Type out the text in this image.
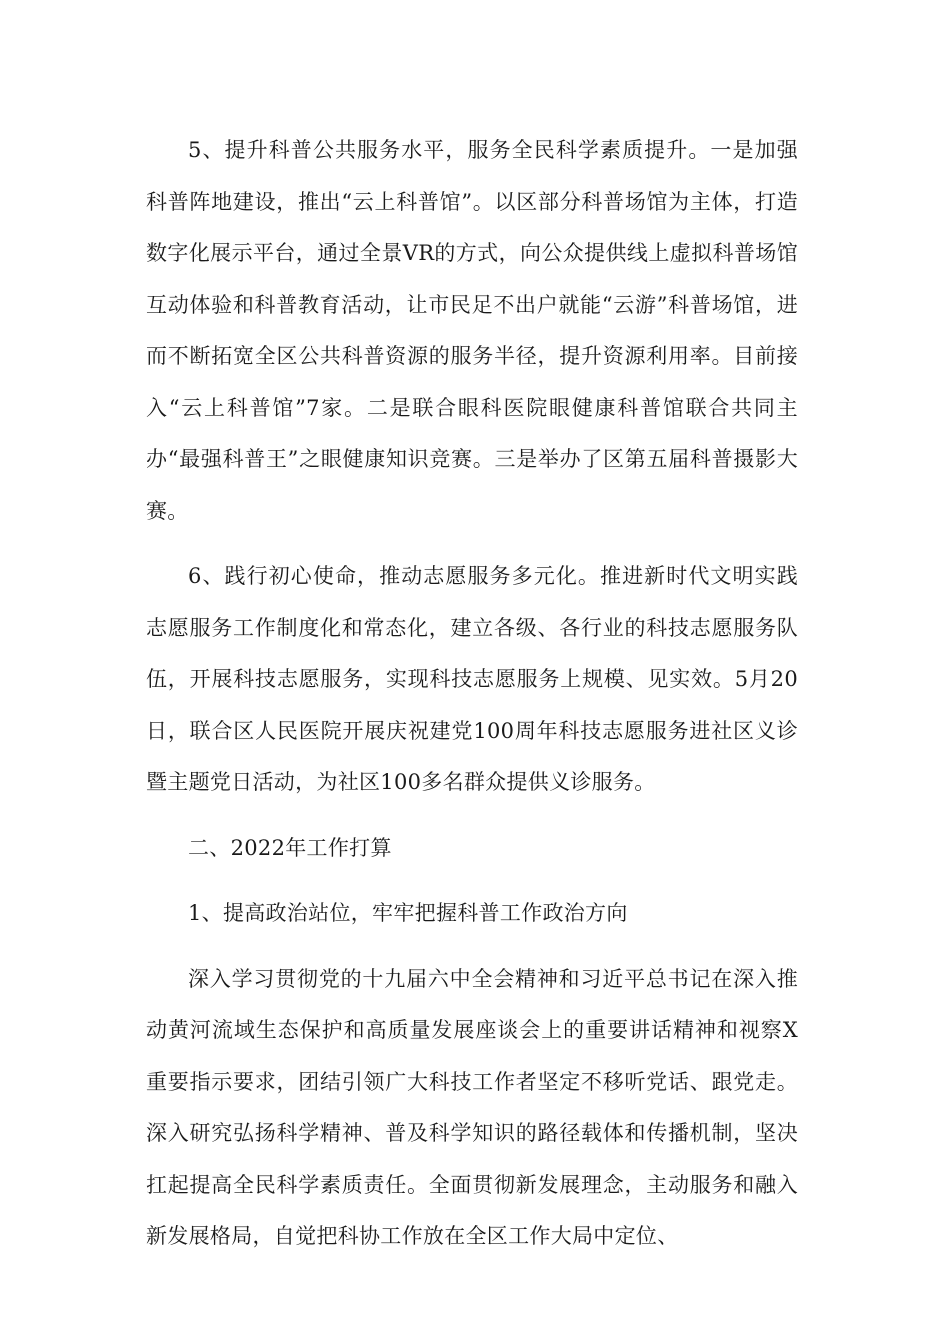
5、提升科普公共服务水平，服务全民科学素质提升。一是加强科普阵地建设，推出“云上科普馆”。以区部分科普场馆为主体，打造数字化展示平台，通过全景VR的方式，向公众提供线上虚拟科普场馆互动体验和科普教育活动，让市民足不出户就能“云游”科普场馆，进而不断拓宽全区公共科普资源的服务半径，提升资源利用率。目前接入“云上科普馆”7家。二是联合眼科医院眼健康科普馆联合共同主办“最强科普王”之眼健康知识竞赛。三是举办了区第五届科普摄影大赛。

6、践行初心使命，推动志愿服务多元化。推进新时代文明实践志愿服务工作制度化和常态化，建立各级、各行业的科技志愿服务队伍，开展科技志愿服务，实现科技志愿服务上规模、见实效。5月20日，联合区人民医院开展庆祝建党100周年科技志愿服务进社区义诊暨主题党日活动，为社区100多名群众提供义诊服务。

二、2022年工作打算

1、提高政治站位，牢牢把握科普工作政治方向

深入学习贯彻党的十九届六中全会精神和习近平总书记在深入推动黄河流域生态保护和高质量发展座谈会上的重要讲话精神和视察X重要指示要求，团结引领广大科技工作者坚定不移听党话、跟党走。深入研究弘扬科学精神、普及科学知识的路径载体和传播机制，坚决扛起提高全民科学素质责任。全面贯彻新发展理念，主动服务和融入新发展格局，自觉把科协工作放在全区工作大局中定位、
